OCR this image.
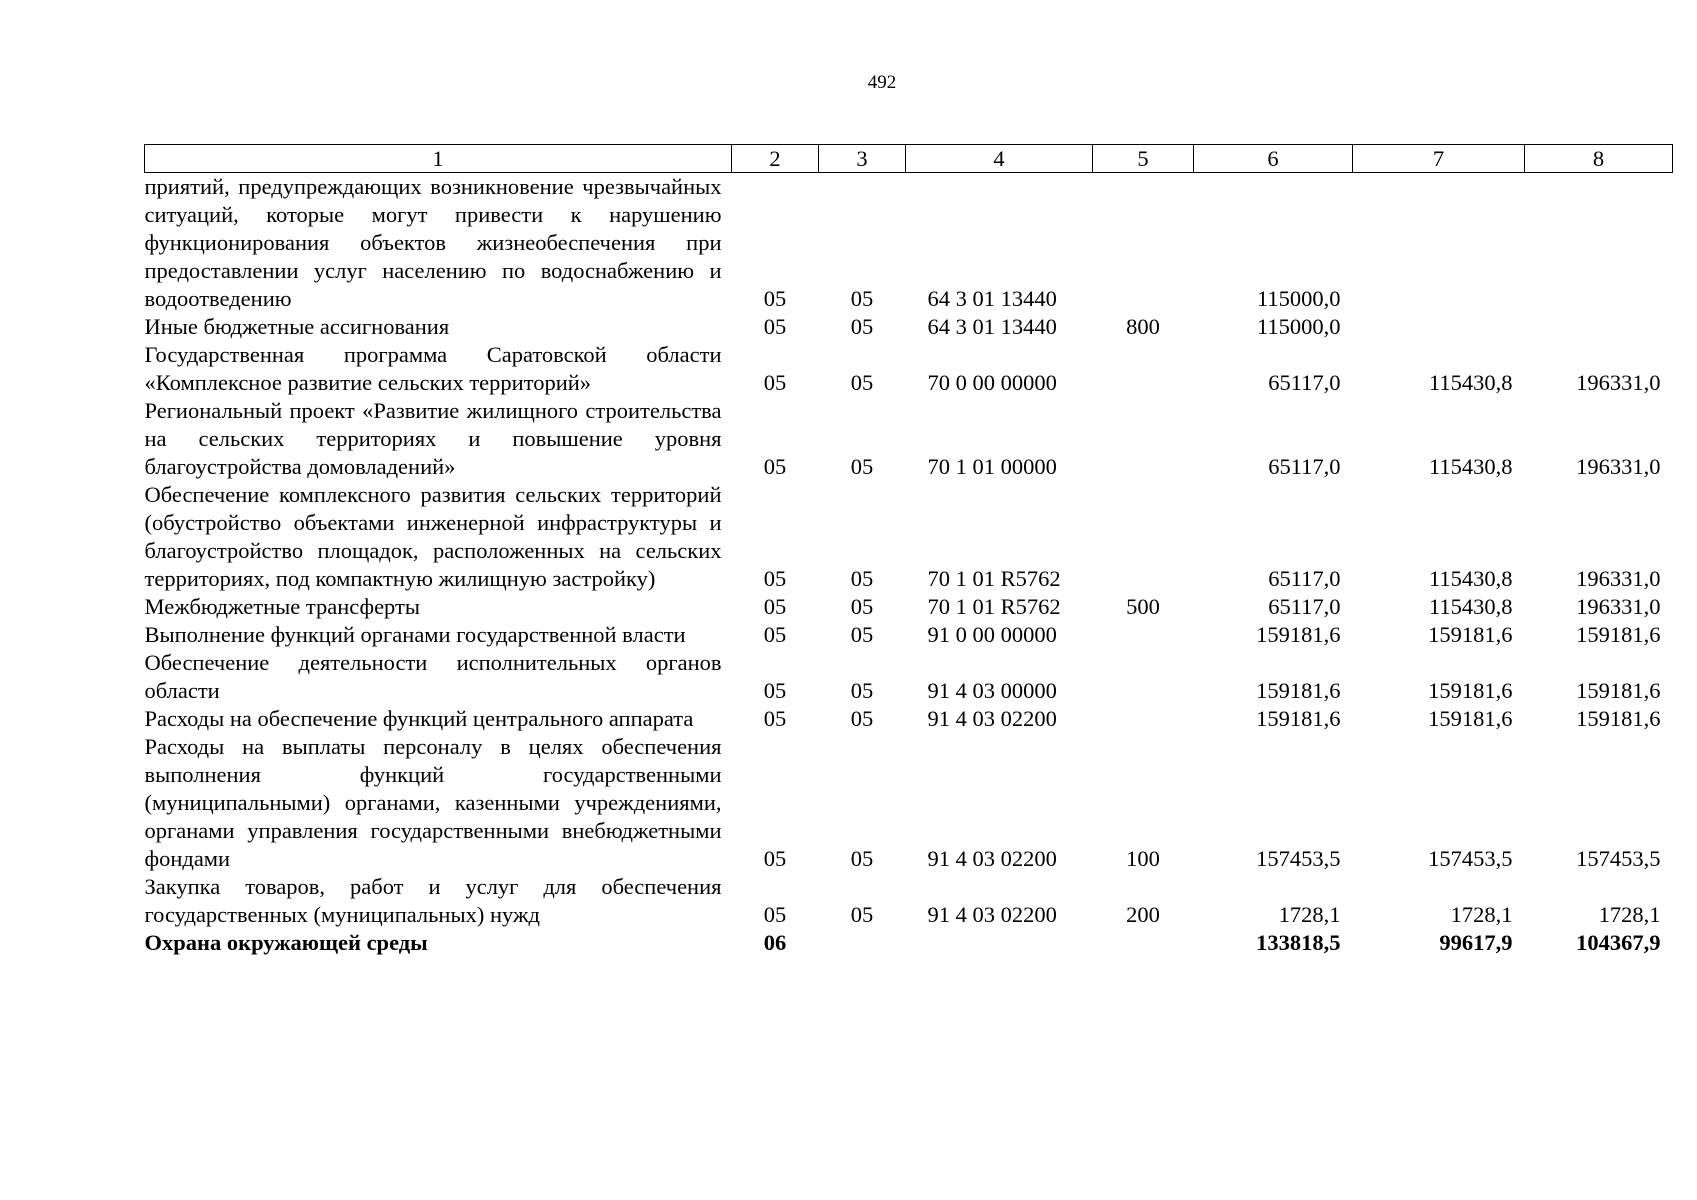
492
1	2	3	4	5	6	7	8
приятий, предупреждающих возникновение чрезвычайных ситуаций, которые могут привести к нарушению функционирования объектов жизнеобеспечения при предоставлении услуг населению по водоснабжению и водоотведению	05	05	64 3 01 13440		115000,0		
Иные бюджетные ассигнования	05	05	64 3 01 13440	800	115000,0		
Государственная программа Саратовской области «Комплексное развитие сельских территорий»	05	05	70 0 00 00000		65117,0	115430,8	196331,0
Региональный проект «Развитие жилищного строительства на сельских территориях и повышение уровня благоустройства домовладений»	05	05	70 1 01 00000		65117,0	115430,8	196331,0
Обеспечение комплексного развития сельских территорий (обустройство объектами инженерной инфраструктуры и благоустройство площадок, расположенных на сельских территориях, под компактную жилищную застройку)	05	05	70 1 01 R5762		65117,0	115430,8	196331,0
Межбюджетные трансферты	05	05	70 1 01 R5762	500	65117,0	115430,8	196331,0
Выполнение функций органами государственной власти	05	05	91 0 00 00000		159181,6	159181,6	159181,6
Обеспечение деятельности исполнительных органов области	05	05	91 4 03 00000		159181,6	159181,6	159181,6
Расходы на обеспечение функций центрального аппарата	05	05	91 4 03 02200		159181,6	159181,6	159181,6
Расходы на выплаты персоналу в целях обеспечения выполнения функций государственными (муниципальными) органами, казенными учреждениями, органами управления государственными внебюджетными фондами	05	05	91 4 03 02200	100	157453,5	157453,5	157453,5
Закупка товаров, работ и услуг для обеспечения государственных (муниципальных) нужд	05	05	91 4 03 02200	200	1728,1	1728,1	1728,1
Охрана окружающей среды	06				133818,5	99617,9	104367,9
